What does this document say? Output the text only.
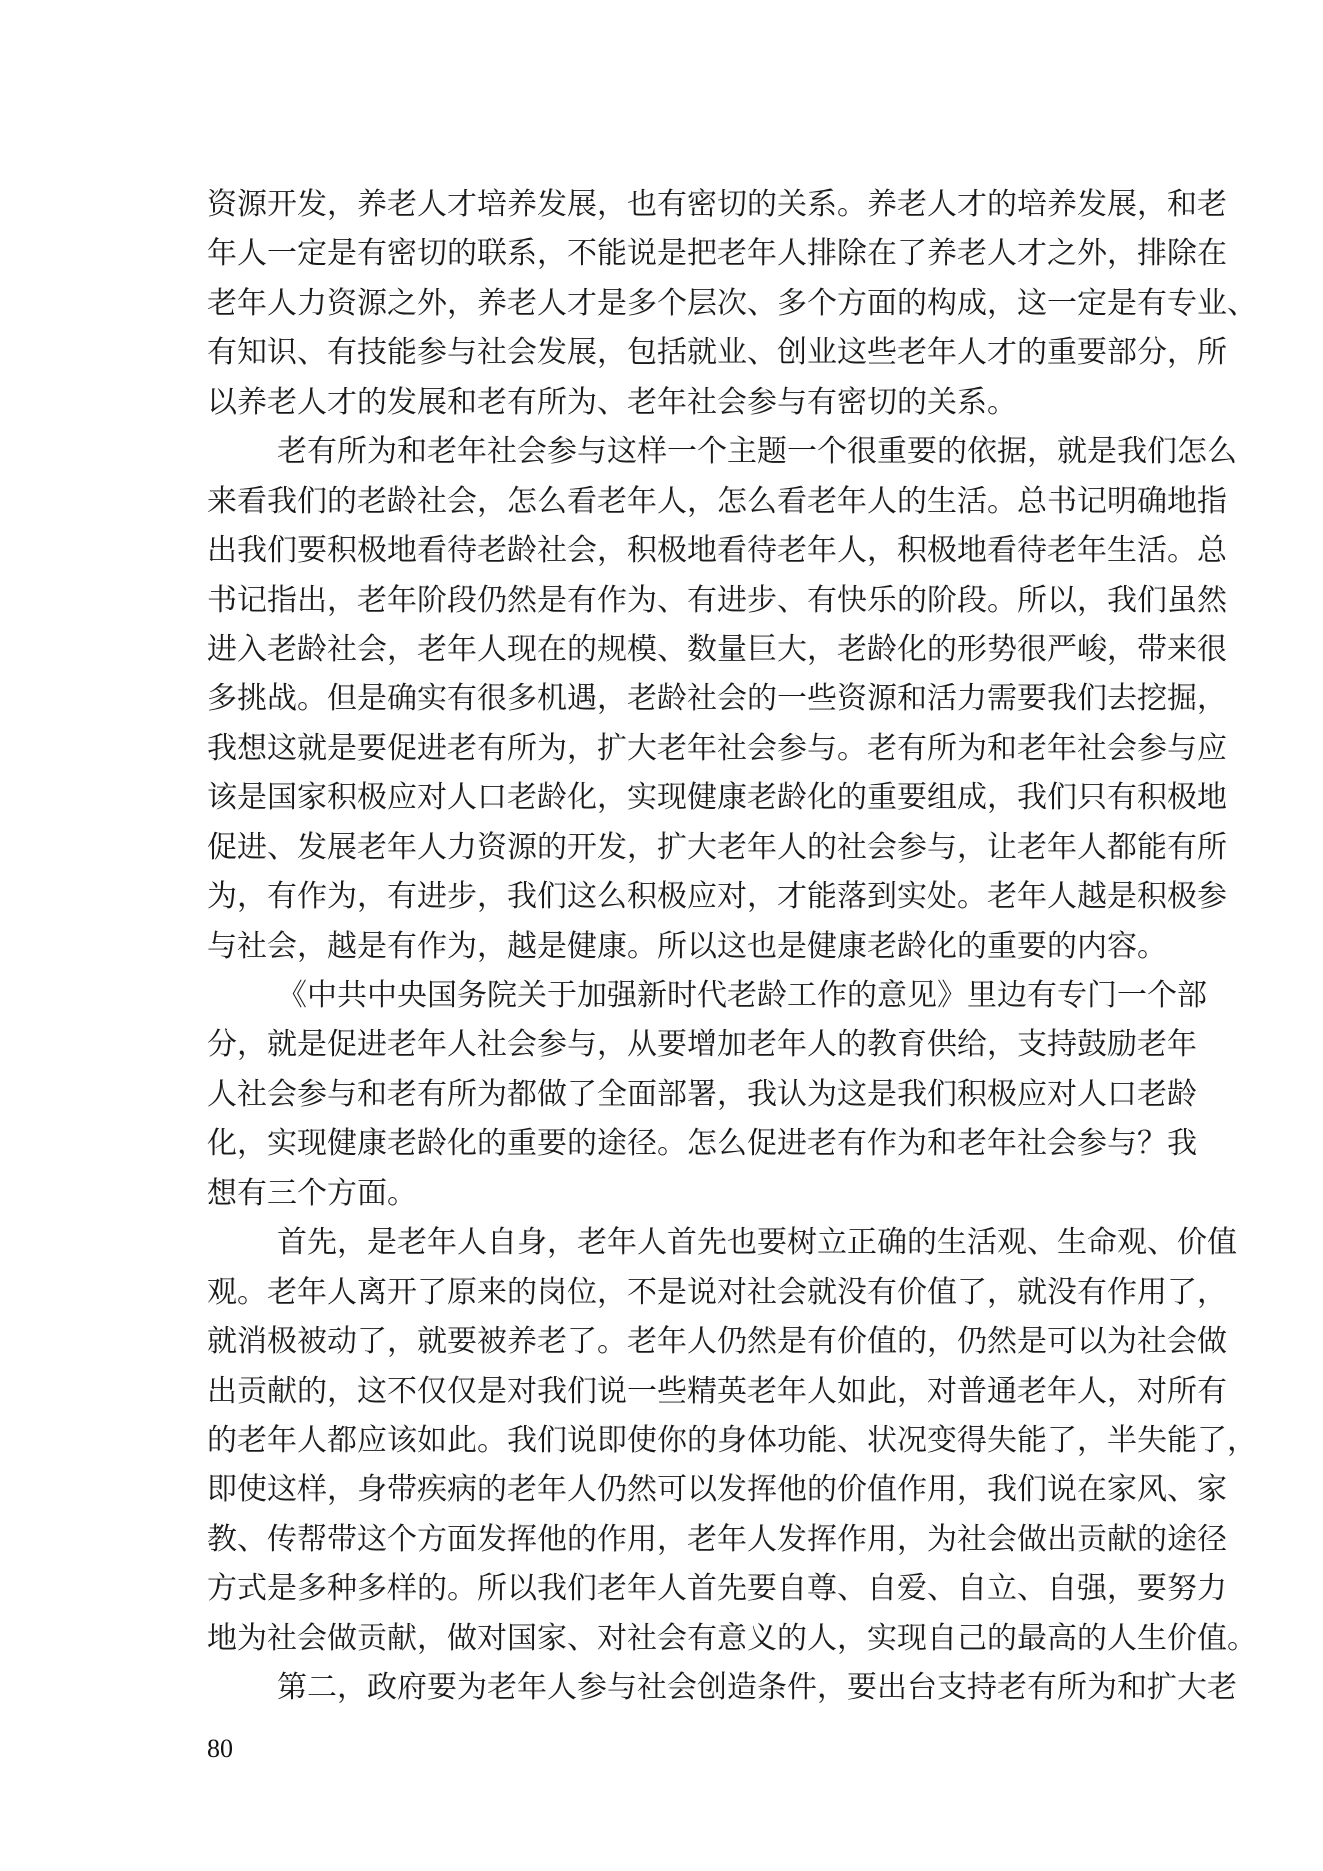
资源开发，养老人才培养发展，也有密切的关系。养老人才的培养发展，和老
年人一定是有密切的联系，不能说是把老年人排除在了养老人才之外，排除在
老年人力资源之外，养老人才是多个层次、多个方面的构成，这一定是有专业、
有知识、有技能参与社会发展，包括就业、创业这些老年人才的重要部分，所
以养老人才的发展和老有所为、老年社会参与有密切的关系。
老有所为和老年社会参与这样一个主题一个很重要的依据，就是我们怎么
来看我们的老龄社会，怎么看老年人，怎么看老年人的生活。总书记明确地指
出我们要积极地看待老龄社会，积极地看待老年人，积极地看待老年生活。总
书记指出，老年阶段仍然是有作为、有进步、有快乐的阶段。所以，我们虽然
进入老龄社会，老年人现在的规模、数量巨大，老龄化的形势很严峻，带来很
多挑战。但是确实有很多机遇，老龄社会的一些资源和活力需要我们去挖掘，
我想这就是要促进老有所为，扩大老年社会参与。老有所为和老年社会参与应
该是国家积极应对人口老龄化，实现健康老龄化的重要组成，我们只有积极地
促进、发展老年人力资源的开发，扩大老年人的社会参与，让老年人都能有所
为，有作为，有进步，我们这么积极应对，才能落到实处。老年人越是积极参
与社会，越是有作为，越是健康。所以这也是健康老龄化的重要的内容。
《中共中央国务院关于加强新时代老龄工作的意见》里边有专门一个部
分，就是促进老年人社会参与，从要增加老年人的教育供给，支持鼓励老年
人社会参与和老有所为都做了全面部署，我认为这是我们积极应对人口老龄
化，实现健康老龄化的重要的途径。怎么促进老有作为和老年社会参与？我
想有三个方面。
首先，是老年人自身，老年人首先也要树立正确的生活观、生命观、价值
观。老年人离开了原来的岗位，不是说对社会就没有价值了，就没有作用了，
就消极被动了，就要被养老了。老年人仍然是有价值的，仍然是可以为社会做
出贡献的，这不仅仅是对我们说一些精英老年人如此，对普通老年人，对所有
的老年人都应该如此。我们说即使你的身体功能、状况变得失能了，半失能了，
即使这样，身带疾病的老年人仍然可以发挥他的价值作用，我们说在家风、家
教、传帮带这个方面发挥他的作用，老年人发挥作用，为社会做出贡献的途径
方式是多种多样的。所以我们老年人首先要自尊、自爱、自立、自强，要努力
地为社会做贡献，做对国家、对社会有意义的人，实现自己的最高的人生价值。
第二，政府要为老年人参与社会创造条件，要出台支持老有所为和扩大老
80
